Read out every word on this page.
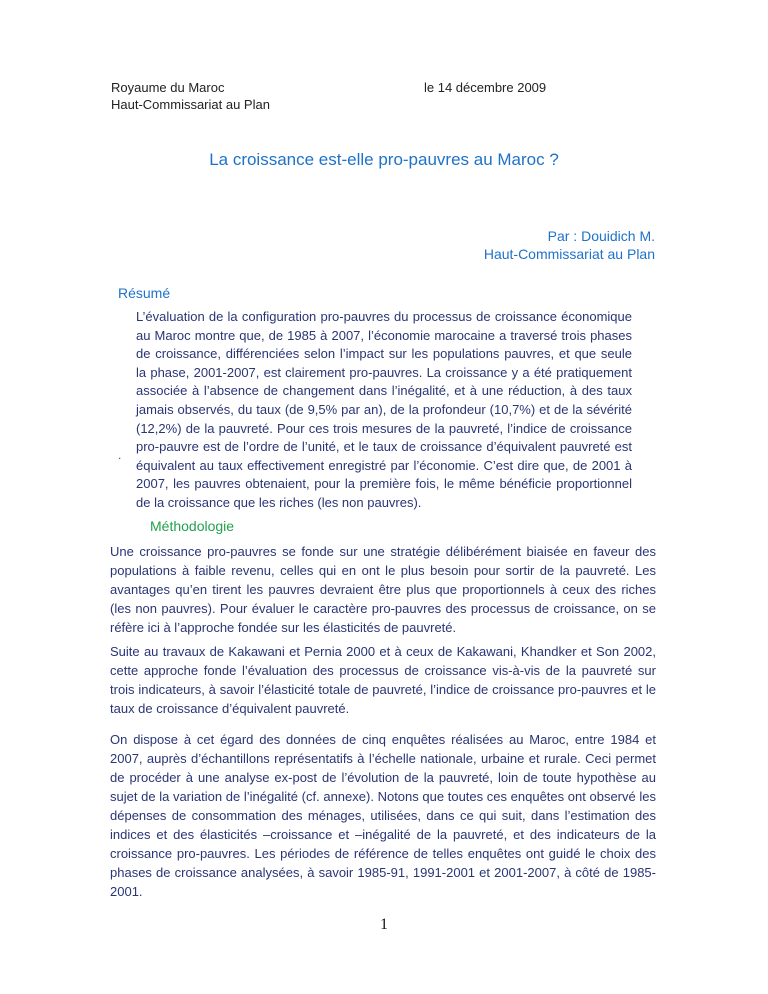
Royaume du Maroc
Haut-Commissariat au Plan
le 14 décembre 2009
La croissance est-elle pro-pauvres au Maroc ?
Par : Douidich M.
Haut-Commissariat au Plan
Résumé

L’évaluation de la configuration pro-pauvres du processus de croissance économique au Maroc montre que, de 1985 à 2007, l’économie marocaine a traversé trois phases de croissance, différenciées selon l’impact sur les populations pauvres, et que seule la phase, 2001-2007, est clairement pro-pauvres. La croissance y a été pratiquement associée à l’absence de changement dans l’inégalité, et à une réduction, à des taux jamais observés, du taux (de 9,5% par an), de la profondeur (10,7%) et de la sévérité (12,2%) de la pauvreté. Pour ces trois mesures de la pauvreté, l’indice de croissance pro-pauvre est de l’ordre de l’unité, et le taux de croissance d’équivalent pauvreté est équivalent au taux effectivement enregistré par l’économie. C’est dire que, de 2001 à 2007, les pauvres obtenaient, pour la première fois, le même bénéficie proportionnel de la croissance que les riches (les non pauvres).

.
Méthodologie

Une croissance pro-pauvres se fonde sur une stratégie délibérément biaisée en faveur des populations à faible revenu, celles qui en ont le plus besoin pour sortir de la pauvreté. Les avantages qu’en tirent les pauvres devraient être plus que proportionnels à ceux des riches (les non pauvres). Pour évaluer le caractère pro-pauvres des processus de croissance, on se réfère ici à l’approche fondée sur les élasticités de pauvreté.

Suite au travaux de Kakawani et Pernia 2000 et à ceux de Kakawani, Khandker et Son 2002, cette approche fonde l’évaluation des processus de croissance vis-à-vis de la pauvreté sur trois indicateurs, à savoir l’élasticité totale de pauvreté, l’indice de croissance pro-pauvres et le taux de croissance d’équivalent pauvreté.

On dispose à cet égard des données de cinq enquêtes réalisées au Maroc, entre 1984 et 2007, auprès d’échantillons représentatifs à l’échelle nationale, urbaine et rurale. Ceci permet de procéder à une analyse ex-post de l’évolution de la pauvreté, loin de toute hypothèse au sujet de la variation de l’inégalité (cf. annexe). Notons que toutes ces enquêtes ont observé les dépenses de consommation des ménages, utilisées, dans ce qui suit, dans l’estimation des indices et des élasticités –croissance et –inégalité de la pauvreté, et des indicateurs de la croissance pro-pauvres. Les périodes de référence de telles enquêtes ont guidé le choix des phases de croissance analysées, à savoir 1985-91, 1991-2001 et 2001-2007, à côté de 1985-2001.

1
